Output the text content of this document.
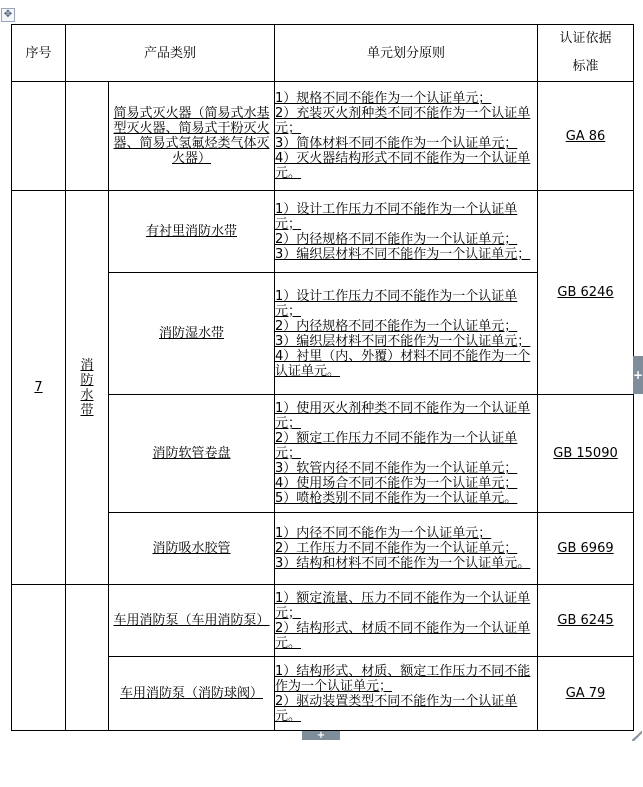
✥
序号	产品类别		单元划分原则	认证依据
标准

		简易式灭火器（简易式水基型灭火器、简易式干粉灭火器、简易式氢氟烃类气体灭火器）	1）规格不同不能作为一个认证单元；
2）充装灭火剂种类不同不能作为一个认证单元；
3）简体材料不同不能作为一个认证单元；
4）灭火器结构形式不同不能作为一个认证单元。	GA 86
7	消防水带	有衬里消防水带	1）设计工作压力不同不能作为一个认证单元；
2）内径规格不同不能作为一个认证单元；
3）编织层材料不同不能作为一个认证单元；	GB 6246
		消防湿水带	1）设计工作压力不同不能作为一个认证单元；
2）内径规格不同不能作为一个认证单元；
3）编织层材料不同不能作为一个认证单元；
4）衬里（内、外覆）材料不同不能作为一个认证单元。	

		消防软管卷盘	1）使用灭火剂种类不同不能作为一个认证单元；
2）额定工作压力不同不能作为一个认证单元；
3）软管内径不同不能作为一个认证单元；
4）使用场合不同不能作为一个认证单元；
5）喷枪类别不同不能作为一个认证单元。	GB 15090
		消防吸水胶管	1）内径不同不能作为一个认证单元；
2）工作压力不同不能作为一个认证单元；
3）结构和材料不同不能作为一个认证单元。	GB 6969
		车用消防泵（车用消防泵）	1）额定流量、压力不同不能作为一个认证单元；
2）结构形式、材质不同不能作为一个认证单元。	GB 6245
		车用消防泵（消防球阀）	1）结构形式、材质、额定工作压力不同不能作为一个认证单元；
2）驱动装置类型不同不能作为一个认证单元。	GA 79
+
+
